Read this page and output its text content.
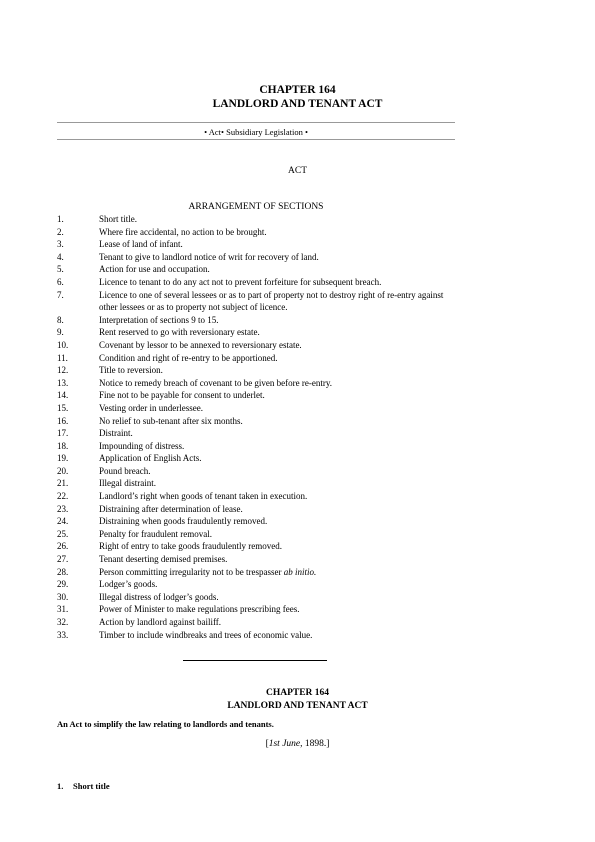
CHAPTER 164
LANDLORD AND TENANT ACT
• Act• Subsidiary Legislation •
ACT
ARRANGEMENT OF SECTIONS
1.	Short title.
2.	Where fire accidental, no action to be brought.
3.	Lease of land of infant.
4.	Tenant to give to landlord notice of writ for recovery of land.
5.	Action for use and occupation.
6.	Licence to tenant to do any act not to prevent forfeiture for subsequent breach.
7.	Licence to one of several lessees or as to part of property not to destroy right of re-entry against other lessees or as to property not subject of licence.
8.	Interpretation of sections 9 to 15.
9.	Rent reserved to go with reversionary estate.
10.	Covenant by lessor to be annexed to reversionary estate.
11.	Condition and right of re-entry to be apportioned.
12.	Title to reversion.
13.	Notice to remedy breach of covenant to be given before re-entry.
14.	Fine not to be payable for consent to underlet.
15.	Vesting order in underlessee.
16.	No relief to sub-tenant after six months.
17.	Distraint.
18.	Impounding of distress.
19.	Application of English Acts.
20.	Pound breach.
21.	Illegal distraint.
22.	Landlord’s right when goods of tenant taken in execution.
23.	Distraining after determination of lease.
24.	Distraining when goods fraudulently removed.
25.	Penalty for fraudulent removal.
26.	Right of entry to take goods fraudulently removed.
27.	Tenant deserting demised premises.
28.	Person committing irregularity not to be trespasser ab initio.
29.	Lodger’s goods.
30.	Illegal distress of lodger’s goods.
31.	Power of Minister to make regulations prescribing fees.
32.	Action by landlord against bailiff.
33.	Timber to include windbreaks and trees of economic value.
CHAPTER 164
LANDLORD AND TENANT ACT
An Act to simplify the law relating to landlords and tenants.
[1st June, 1898.]
1. Short title
